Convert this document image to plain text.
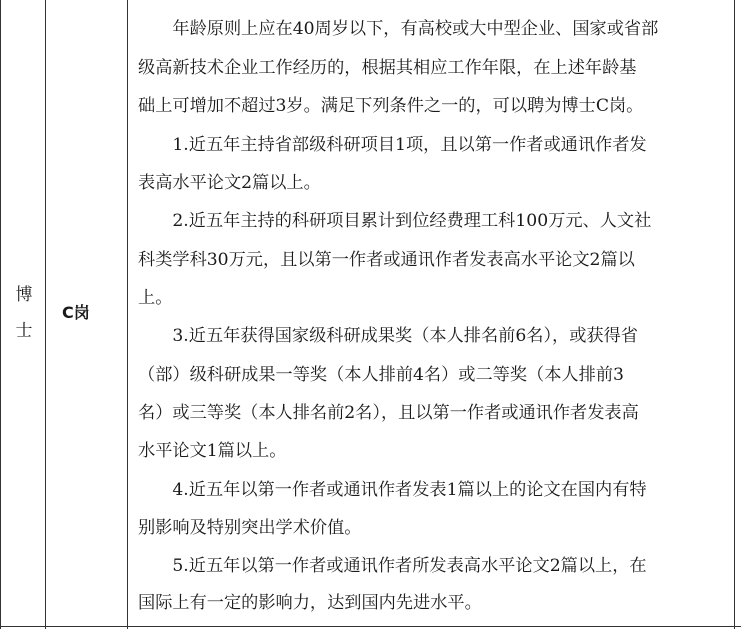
博
士
C岗
  年龄原则上应在40周岁以下，有高校或大中型企业、国家或省部
级高新技术企业工作经历的，根据其相应工作年限，在上述年龄基
础上可增加不超过3岁。满足下列条件之一的，可以聘为博士C岗。
  1.近五年主持省部级科研项目1项，且以第一作者或通讯作者发
表高水平论文2篇以上。
  2.近五年主持的科研项目累计到位经费理工科100万元、人文社
科类学科30万元，且以第一作者或通讯作者发表高水平论文2篇以
上。
  3.近五年获得国家级科研成果奖（本人排名前6名），或获得省
（部）级科研成果一等奖（本人排前4名）或二等奖（本人排前3
名）或三等奖（本人排名前2名），且以第一作者或通讯作者发表高
水平论文1篇以上。
  4.近五年以第一作者或通讯作者发表1篇以上的论文在国内有特
别影响及特别突出学术价值。
  5.近五年以第一作者或通讯作者所发表高水平论文2篇以上，在
国际上有一定的影响力，达到国内先进水平。
